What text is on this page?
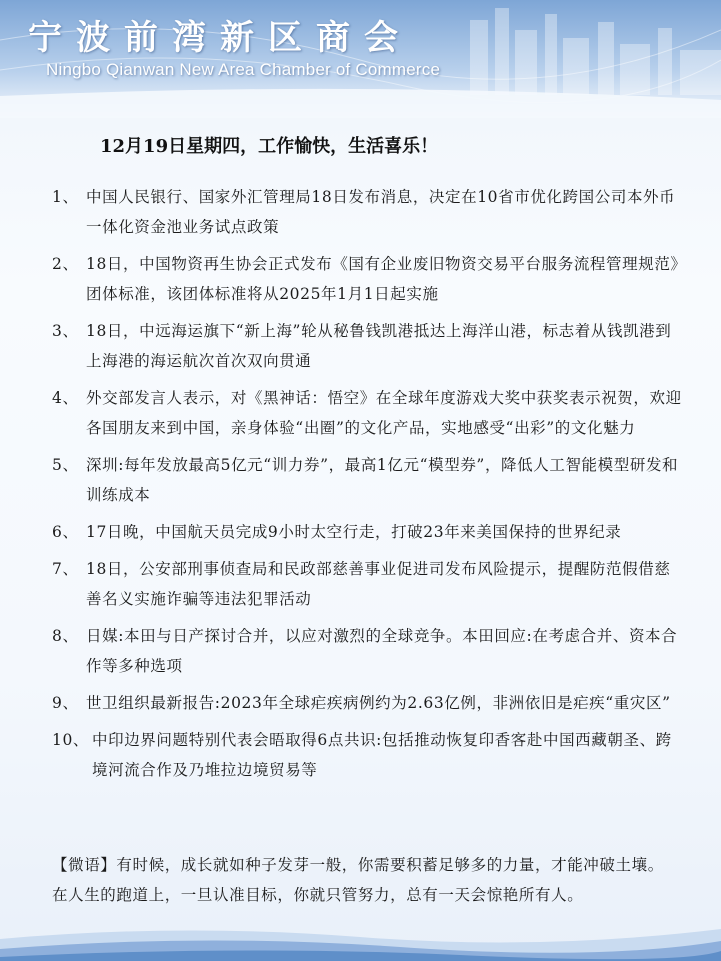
宁波前湾新区商会
Ningbo Qianwan New Area Chamber of Commerce
12月19日星期四，工作愉快，生活喜乐！
1、 中国人民银行、国家外汇管理局18日发布消息，决定在10省市优化跨国公司本外币一体化资金池业务试点政策
2、 18日，中国物资再生协会正式发布《国有企业废旧物资交易平台服务流程管理规范》团体标准，该团体标准将从2025年1月1日起实施
3、 18日，中远海运旗下“新上海”轮从秘鲁钱凯港抵达上海洋山港，标志着从钱凯港到上海港的海运航次首次双向贯通
4、 外交部发言人表示，对《黑神话：悟空》在全球年度游戏大奖中获奖表示祝贺，欢迎各国朋友来到中国，亲身体验“出圈”的文化产品，实地感受“出彩”的文化魅力
5、 深圳:每年发放最高5亿元“训力券”，最高1亿元“模型券”，降低人工智能模型研发和训练成本
6、 17日晚，中国航天员完成9小时太空行走，打破23年来美国保持的世界纪录
7、 18日，公安部刑事侦查局和民政部慈善事业促进司发布风险提示，提醒防范假借慈善名义实施诈骗等违法犯罪活动
8、 日媒:本田与日产探讨合并，以应对激烈的全球竞争。本田回应:在考虑合并、资本合作等多种选项
9、 世卫组织最新报告:2023年全球疟疾病例约为2.63亿例，非洲依旧是疟疾“重灾区”
10、 中印边界问题特别代表会晤取得6点共识:包括推动恢复印香客赴中国西藏朝圣、跨境河流合作及乃堆拉边境贸易等
【微语】有时候，成长就如种子发芽一般，你需要积蓄足够多的力量，才能冲破土壤。在人生的跑道上，一旦认准目标，你就只管努力，总有一天会惊艳所有人。
